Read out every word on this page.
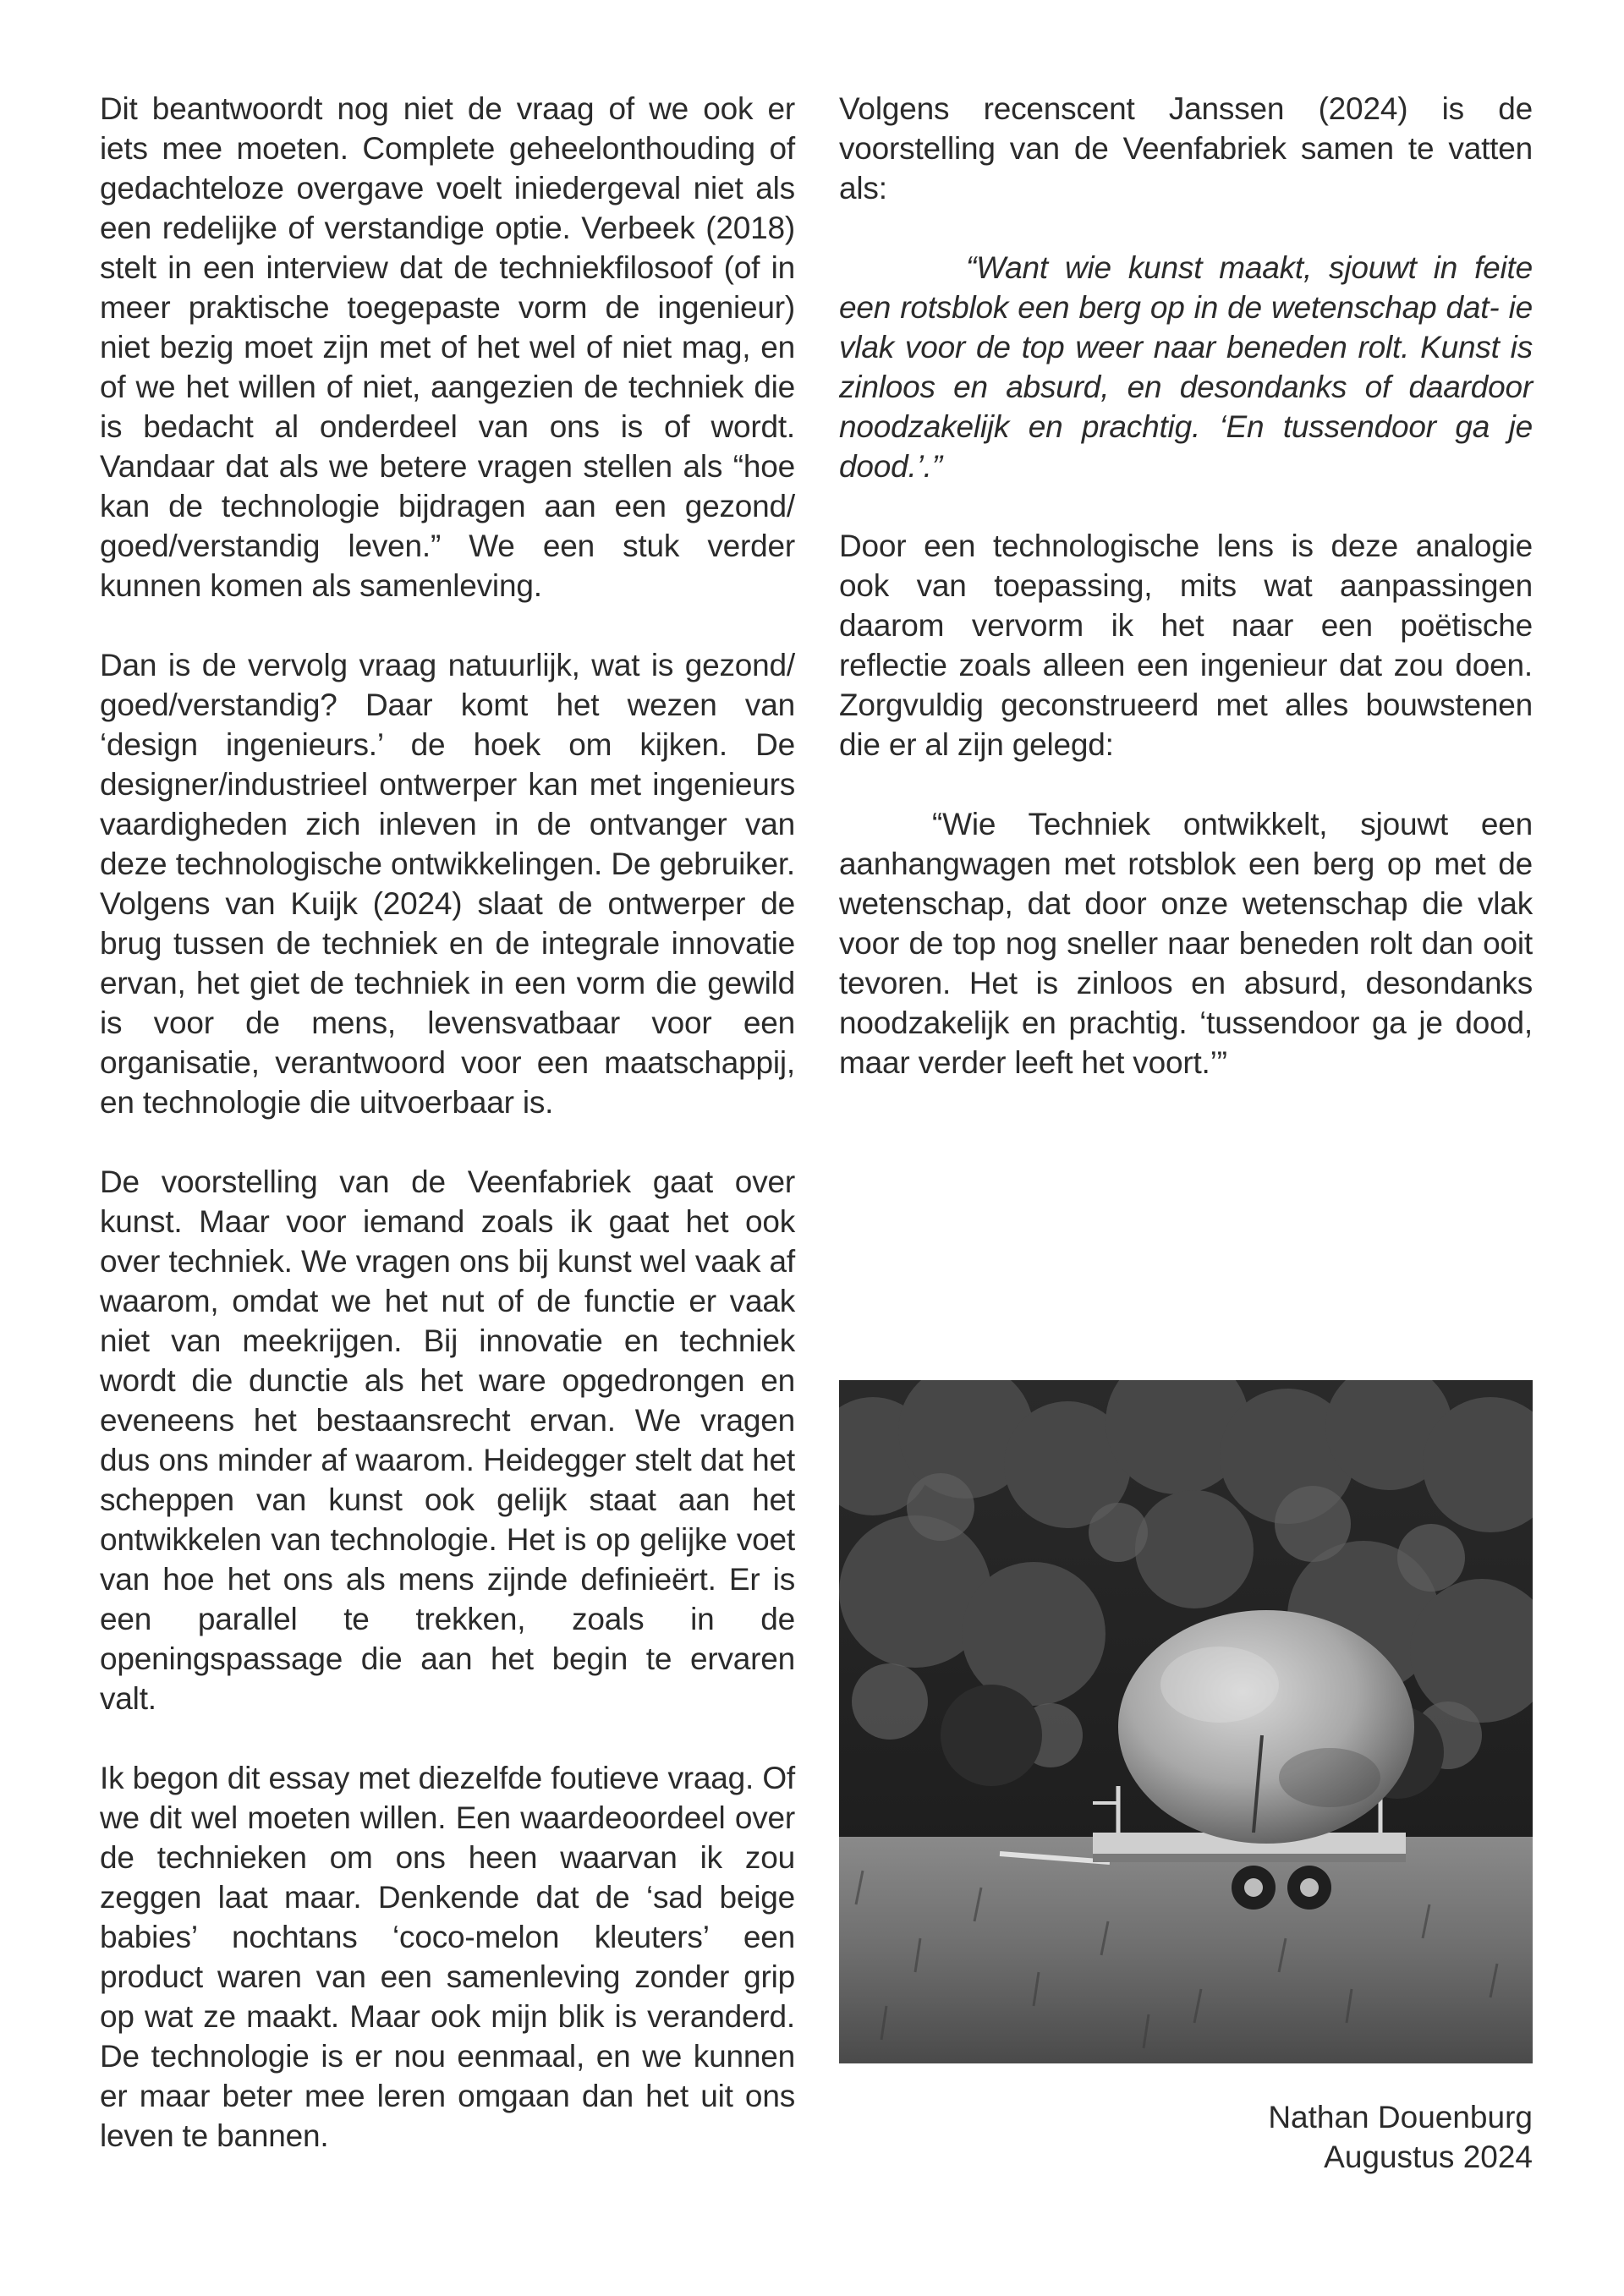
Dit beantwoordt nog niet de vraag of we ook er iets mee moeten. Complete geheelonthouding of gedachteloze overgave voelt iniedergeval niet als een redelijke of verstandige optie. Verbeek (2018) stelt in een interview dat de techniekfilosoof (of in meer praktische toegepaste vorm de ingenieur) niet bezig moet zijn met of het wel of niet mag, en of we het willen of niet, aangezien de techniek die is bedacht al onderdeel van ons is of wordt. Vandaar dat als we betere vragen stellen als “hoe kan de technologie bijdragen aan een gezond/ goed/verstandig leven.” We een stuk verder kunnen komen als samenleving.

Dan is de vervolg vraag natuurlijk, wat is gezond/ goed/verstandig? Daar komt het wezen van ‘design ingenieurs.’ de hoek om kijken. De designer/industrieel ontwerper kan met ingenieurs vaardigheden zich inleven in de ontvanger van deze technologische ontwikkelingen. De gebruiker. Volgens van Kuijk (2024) slaat de ontwerper de brug tussen de techniek en de integrale innovatie ervan, het giet de techniek in een vorm die gewild is voor de mens, levensvatbaar voor een organisatie, verantwoord voor een maatschappij, en technologie die uitvoerbaar is.

De voorstelling van de Veenfabriek gaat over kunst. Maar voor iemand zoals ik gaat het ook over techniek. We vragen ons bij kunst wel vaak af waarom, omdat we het nut of de functie er vaak niet van meekrijgen. Bij innovatie en techniek wordt die dunctie als het ware opgedrongen en eveneens het bestaansrecht ervan. We vragen dus ons minder af waarom. Heidegger stelt dat het scheppen van kunst ook gelijk staat aan het ontwikkelen van technologie. Het is op gelijke voet van hoe het ons als mens zijnde definieërt. Er is een parallel te trekken, zoals in de openingspassage die aan het begin te ervaren valt.

Ik begon dit essay met diezelfde foutieve vraag. Of we dit wel moeten willen. Een waardeoordeel over de technieken om ons heen waarvan ik zou zeggen laat maar. Denkende dat de ‘sad beige babies’ nochtans ‘coco-melon kleuters’ een product waren van een samenleving zonder grip op wat ze maakt. Maar ook mijn blik is veranderd. De technologie is er nou eenmaal, en we kunnen er maar beter mee leren omgaan dan het uit ons leven te bannen.

Volgens recenscent Janssen (2024) is de voorstelling van de Veenfabriek samen te vatten als:

“Want wie kunst maakt, sjouwt in feite een rotsblok een berg op in de wetenschap dat- ie vlak voor de top weer naar beneden rolt. Kunst is zinloos en absurd, en desondanks of daardoor noodzakelijk en prachtig. ‘En tussendoor ga je dood.’.”

Door een technologische lens is deze analogie ook van toepassing, mits wat aanpassingen daarom vervorm ik het naar een poëtische reflectie zoals alleen een ingenieur dat zou doen. Zorgvuldig geconstrueerd met alles bouwstenen die er al zijn gelegd:

“Wie Techniek ontwikkelt, sjouwt een aanhangwagen met rotsblok een berg op met de wetenschap, dat door onze wetenschap die vlak voor de top nog sneller naar beneden rolt dan ooit tevoren. Het is zinloos en absurd, desondanks noodzakelijk en prachtig. ‘tussendoor ga je dood, maar verder leeft het voort.’”

Nathan Douenburg
Augustus 2024
